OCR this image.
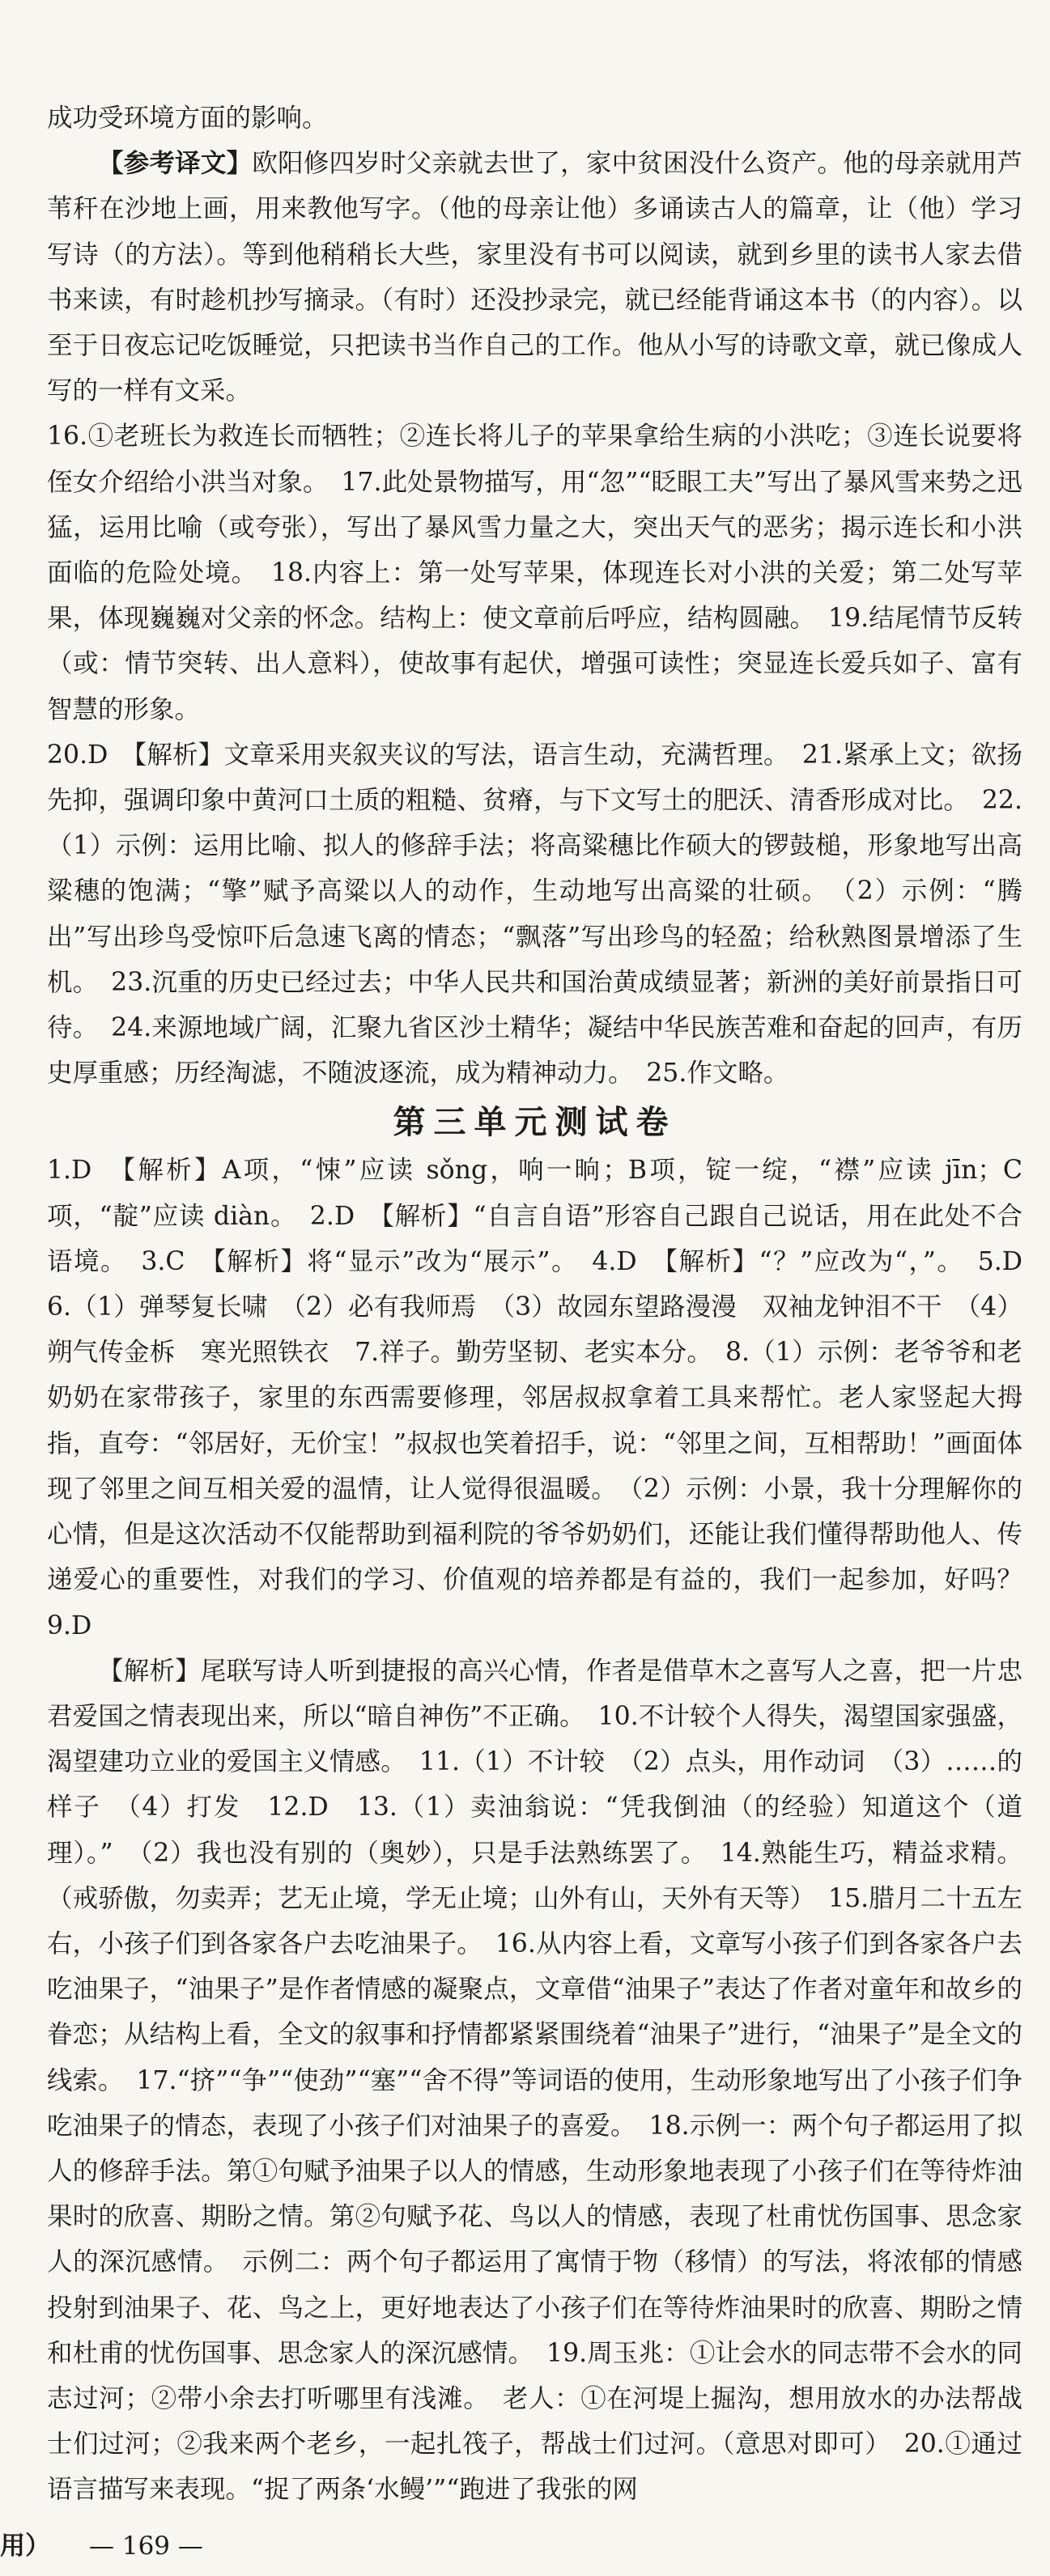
成功受环境方面的影响。

【参考译文】欧阳修四岁时父亲就去世了，家中贫困没什么资产。他的母亲就用芦苇秆在沙地上画，用来教他写字。（他的母亲让他）多诵读古人的篇章，让（他）学习写诗（的方法）。等到他稍稍长大些，家里没有书可以阅读，就到乡里的读书人家去借书来读，有时趁机抄写摘录。（有时）还没抄录完，就已经能背诵这本书（的内容）。以至于日夜忘记吃饭睡觉，只把读书当作自己的工作。他从小写的诗歌文章，就已像成人写的一样有文采。

16.①老班长为救连长而牺牲；②连长将儿子的苹果拿给生病的小洪吃；③连长说要将侄女介绍给小洪当对象。　17.此处景物描写，用“忽”“眨眼工夫”写出了暴风雪来势之迅猛，运用比喻（或夸张），写出了暴风雪力量之大，突出天气的恶劣；揭示连长和小洪面临的危险处境。　18.内容上：第一处写苹果，体现连长对小洪的关爱；第二处写苹果，体现巍巍对父亲的怀念。结构上：使文章前后呼应，结构圆融。　19.结尾情节反转（或：情节突转、出人意料），使故事有起伏，增强可读性；突显连长爱兵如子、富有智慧的形象。

20.D　【解析】文章采用夹叙夹议的写法，语言生动，充满哲理。　21.紧承上文；欲扬先抑，强调印象中黄河口土质的粗糙、贫瘠，与下文写土的肥沃、清香形成对比。　22.（1）示例：运用比喻、拟人的修辞手法；将高粱穗比作硕大的锣鼓槌，形象地写出高粱穗的饱满；“擎”赋予高粱以人的动作，生动地写出高粱的壮硕。　（2）示例：“腾出”写出珍鸟受惊吓后急速飞离的情态；“飘落”写出珍鸟的轻盈；给秋熟图景增添了生机。　23.沉重的历史已经过去；中华人民共和国治黄成绩显著；新洲的美好前景指日可待。　24.来源地域广阔，汇聚九省区沙土精华；凝结中华民族苦难和奋起的回声，有历史厚重感；历经淘滤，不随波逐流，成为精神动力。　25.作文略。

第三单元测试卷

1.D　【解析】A项，“悚”应读 sǒng，响一晌；B项，锭一绽，“襟”应读 jīn；C项，“靛”应读 diàn。　2.D　【解析】“自言自语”形容自己跟自己说话，用在此处不合语境。　3.C　【解析】将“显示”改为“展示”。　4.D　【解析】“？”应改为“，”。　5.D　6.（1）弹琴复长啸　（2）必有我师焉　（3）故园东望路漫漫　双袖龙钟泪不干　（4）朔气传金柝　寒光照铁衣　7.祥子。勤劳坚韧、老实本分。　8.（1）示例：老爷爷和老奶奶在家带孩子，家里的东西需要修理，邻居叔叔拿着工具来帮忙。老人家竖起大拇指，直夸：“邻居好，无价宝！”叔叔也笑着招手，说：“邻里之间，互相帮助！”画面体现了邻里之间互相关爱的温情，让人觉得很温暖。　（2）示例：小景，我十分理解你的心情，但是这次活动不仅能帮助到福利院的爷爷奶奶们，还能让我们懂得帮助他人、传递爱心的重要性，对我们的学习、价值观的培养都是有益的，我们一起参加，好吗？　9.D

【解析】尾联写诗人听到捷报的高兴心情，作者是借草木之喜写人之喜，把一片忠君爱国之情表现出来，所以“暗自神伤”不正确。　10.不计较个人得失，渴望国家强盛，渴望建功立业的爱国主义情感。　11.（1）不计较　（2）点头，用作动词　（3）……的样子　（4）打发　12.D　13.（1）卖油翁说：“凭我倒油（的经验）知道这个（道理）。”　（2）我也没有别的（奥妙），只是手法熟练罢了。　14.熟能生巧，精益求精。（戒骄傲，勿卖弄；艺无止境，学无止境；山外有山，天外有天等）　15.腊月二十五左右，小孩子们到各家各户去吃油果子。　16.从内容上看，文章写小孩子们到各家各户去吃油果子，“油果子”是作者情感的凝聚点，文章借“油果子”表达了作者对童年和故乡的眷恋；从结构上看，全文的叙事和抒情都紧紧围绕着“油果子”进行，“油果子”是全文的线索。　17.“挤”“争”“使劲”“塞”“舍不得”等词语的使用，生动形象地写出了小孩子们争吃油果子的情态，表现了小孩子们对油果子的喜爱。　18.示例一：两个句子都运用了拟人的修辞手法。第①句赋予油果子以人的情感，生动形象地表现了小孩子们在等待炸油果时的欣喜、期盼之情。第②句赋予花、鸟以人的情感，表现了杜甫忧伤国事、思念家人的深沉感情。　示例二：两个句子都运用了寓情于物（移情）的写法，将浓郁的情感投射到油果子、花、鸟之上，更好地表达了小孩子们在等待炸油果时的欣喜、期盼之情和杜甫的忧伤国事、思念家人的深沉感情。　19.周玉兆：①让会水的同志带不会水的同志过河；②带小余去打听哪里有浅滩。　老人：①在河堤上掘沟，想用放水的办法帮战士们过河；②我来两个老乡，一起扎筏子，帮战士们过河。（意思对即可）　20.①通过语言描写来表现。“捉了两条‘水鳗’”“跑进了我张的网

用） — 169 —
